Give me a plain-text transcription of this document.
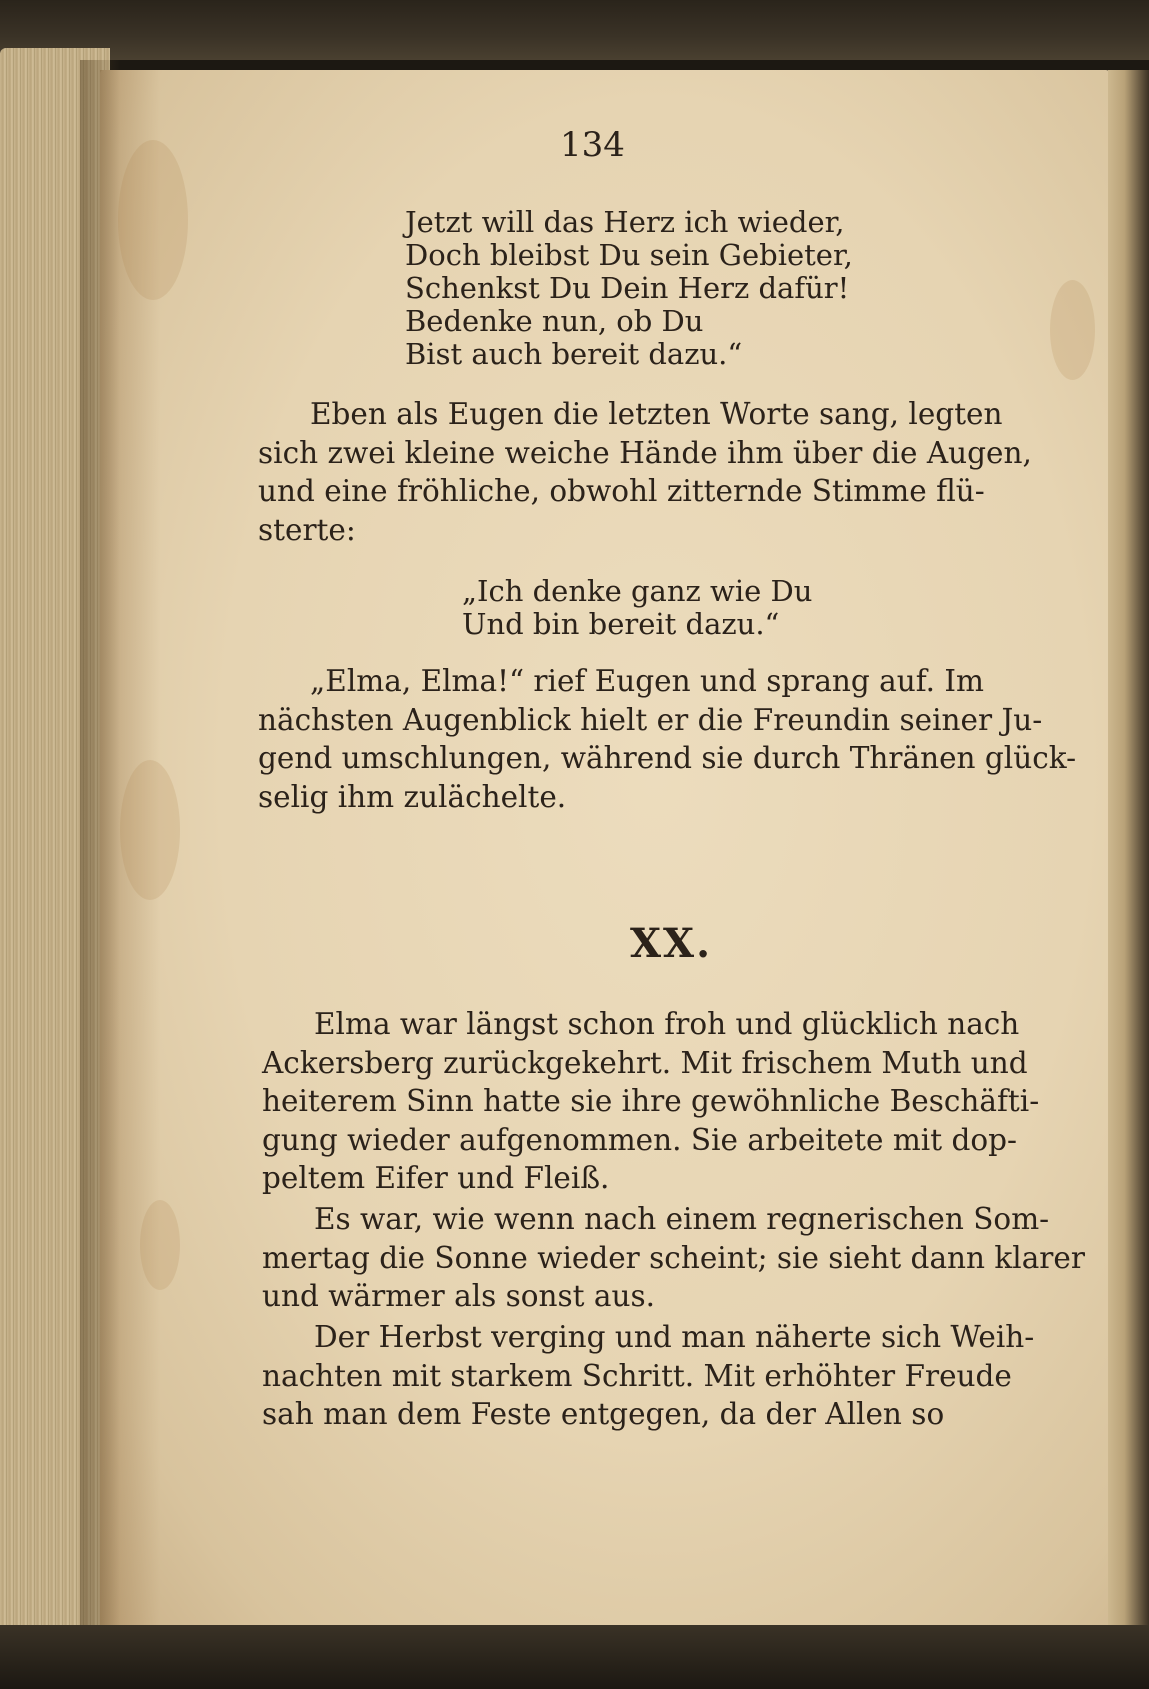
134
Jetzt will das Herz ich wieder,
Doch bleibst Du sein Gebieter,
Schenkst Du Dein Herz dafür!
Bedenke nun, ob Du
Bist auch bereit dazu.“
Eben als Eugen die letzten Worte sang, legten
sich zwei kleine weiche Hände ihm über die Augen,
und eine fröhliche, obwohl zitternde Stimme flü-
sterte:
„Ich denke ganz wie Du
Und bin bereit dazu.“
„Elma, Elma!“ rief Eugen und sprang auf. Im
nächsten Augenblick hielt er die Freundin seiner Ju-
gend umschlungen, während sie durch Thränen glück-
selig ihm zulächelte.
XX.
Elma war längst schon froh und glücklich nach
Ackersberg zurückgekehrt. Mit frischem Muth und
heiterem Sinn hatte sie ihre gewöhnliche Beschäfti-
gung wieder aufgenommen. Sie arbeitete mit dop-
peltem Eifer und Fleiß.
Es war, wie wenn nach einem regnerischen Som-
mertag die Sonne wieder scheint; sie sieht dann klarer
und wärmer als sonst aus.
Der Herbst verging und man näherte sich Weih-
nachten mit starkem Schritt. Mit erhöhter Freude
sah man dem Feste entgegen, da der Allen so
